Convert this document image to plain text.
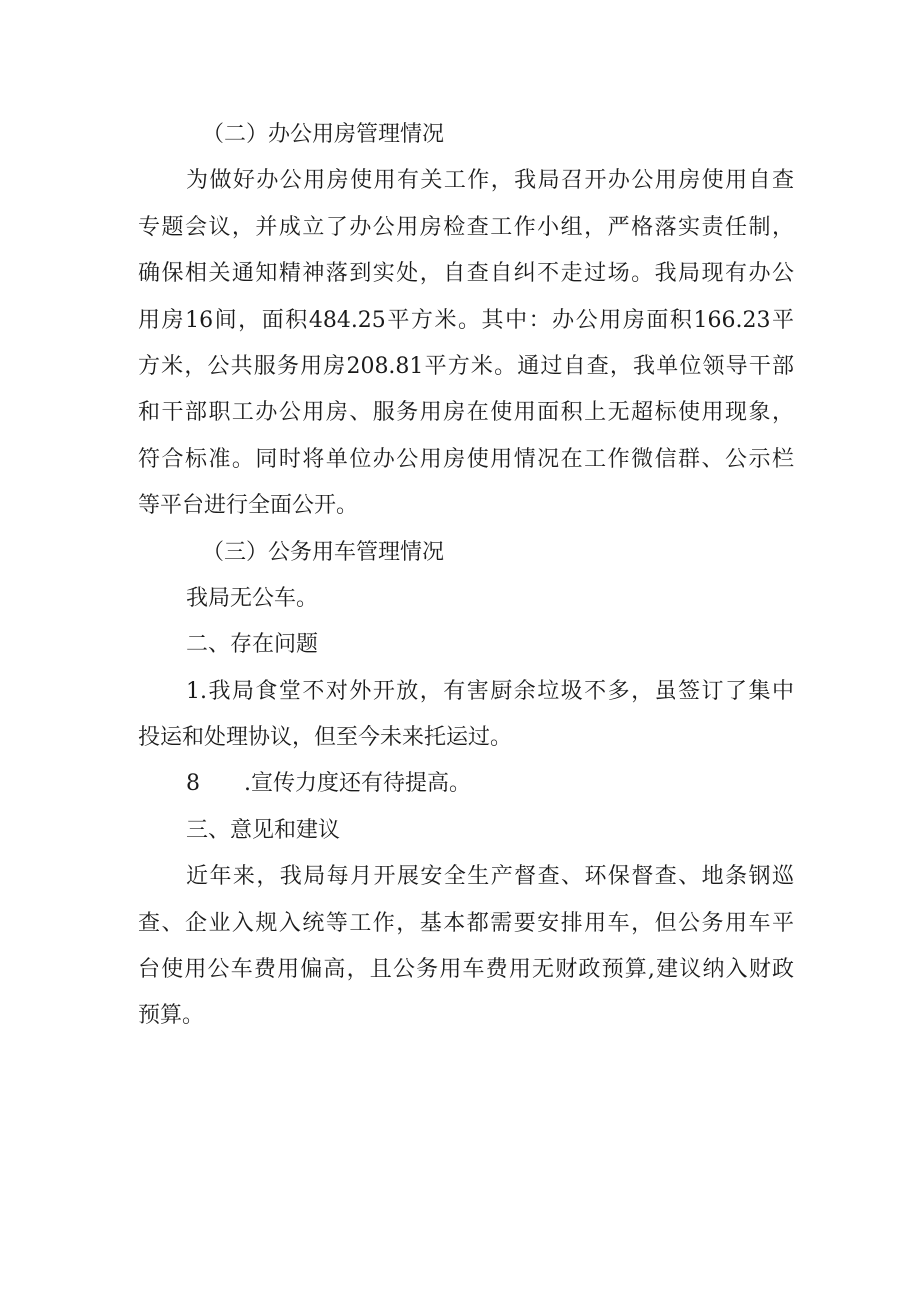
（二）办公用房管理情况
为做好办公用房使用有关工作，我局召开办公用房使用自查
专题会议，并成立了办公用房检查工作小组，严格落实责任制，
确保相关通知精神落到实处，自查自纠不走过场。我局现有办公
用房16间，面积484.25平方米。其中：办公用房面积166.23平
方米，公共服务用房208.81平方米。通过自查，我单位领导干部
和干部职工办公用房、服务用房在使用面积上无超标使用现象，
符合标准。同时将单位办公用房使用情况在工作微信群、公示栏
等平台进行全面公开。
（三）公务用车管理情况
我局无公车。
二、存在问题
1.我局食堂不对外开放，有害厨余垃圾不多，虽签订了集中
投运和处理协议，但至今未来托运过。
8 .宣传力度还有待提高。
三、意见和建议
近年来，我局每月开展安全生产督查、环保督查、地条钢巡
查、企业入规入统等工作，基本都需要安排用车，但公务用车平
台使用公车费用偏高，且公务用车费用无财政预算,建议纳入财政
预算。
